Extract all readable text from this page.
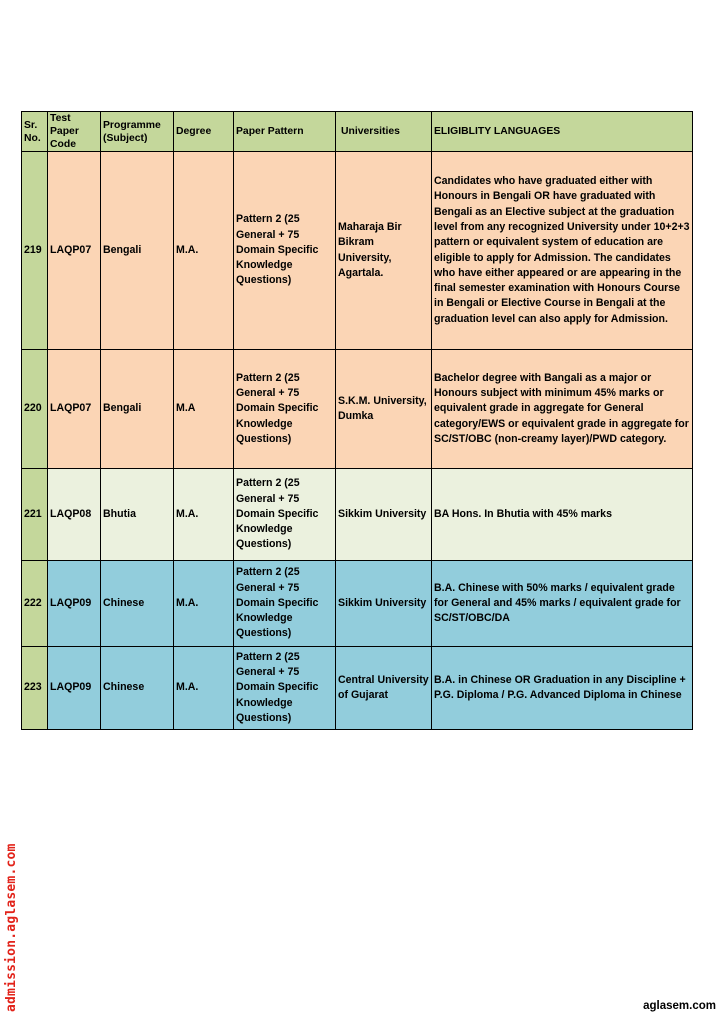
Sr. No.	Test Paper Code	Programme (Subject)	Degree	Paper Pattern	Universities	ELIGIBLITY LANGUAGES
219	LAQP07	Bengali	M.A.	Pattern 2 (25 General + 75 Domain Specific Knowledge Questions)	Maharaja Bir Bikram University, Agartala.	Candidates who have graduated either with Honours in Bengali OR have graduated with Bengali as an Elective subject at the graduation level from any recognized University under 10+2+3 pattern or equivalent system of education are eligible to apply for Admission. The candidates who have either appeared or are appearing in the final semester examination with Honours Course in Bengali or Elective Course in Bengali at the graduation level can also apply for Admission.
220	LAQP07	Bengali	M.A	Pattern 2 (25 General + 75 Domain Specific Knowledge Questions)	S.K.M. University, Dumka	Bachelor degree with Bangali as a major or Honours subject with minimum 45% marks or equivalent grade in aggregate for General category/EWS or equivalent grade in aggregate for SC/ST/OBC (non-creamy layer)/PWD category.
221	LAQP08	Bhutia	M.A.	Pattern 2 (25 General + 75 Domain Specific Knowledge Questions)	Sikkim University	BA Hons. In Bhutia with 45% marks
222	LAQP09	Chinese	M.A.	Pattern 2 (25 General + 75 Domain Specific Knowledge Questions)	Sikkim University	B.A. Chinese with 50% marks / equivalent grade for General and 45% marks / equivalent grade for SC/ST/OBC/DA
223	LAQP09	Chinese	M.A.	Pattern 2 (25 General + 75 Domain Specific Knowledge Questions)	Central University of Gujarat	B.A. in Chinese OR Graduation in any Discipline + P.G. Diploma / P.G. Advanced Diploma in Chinese
admission.aglasem.com	aglasem.com
